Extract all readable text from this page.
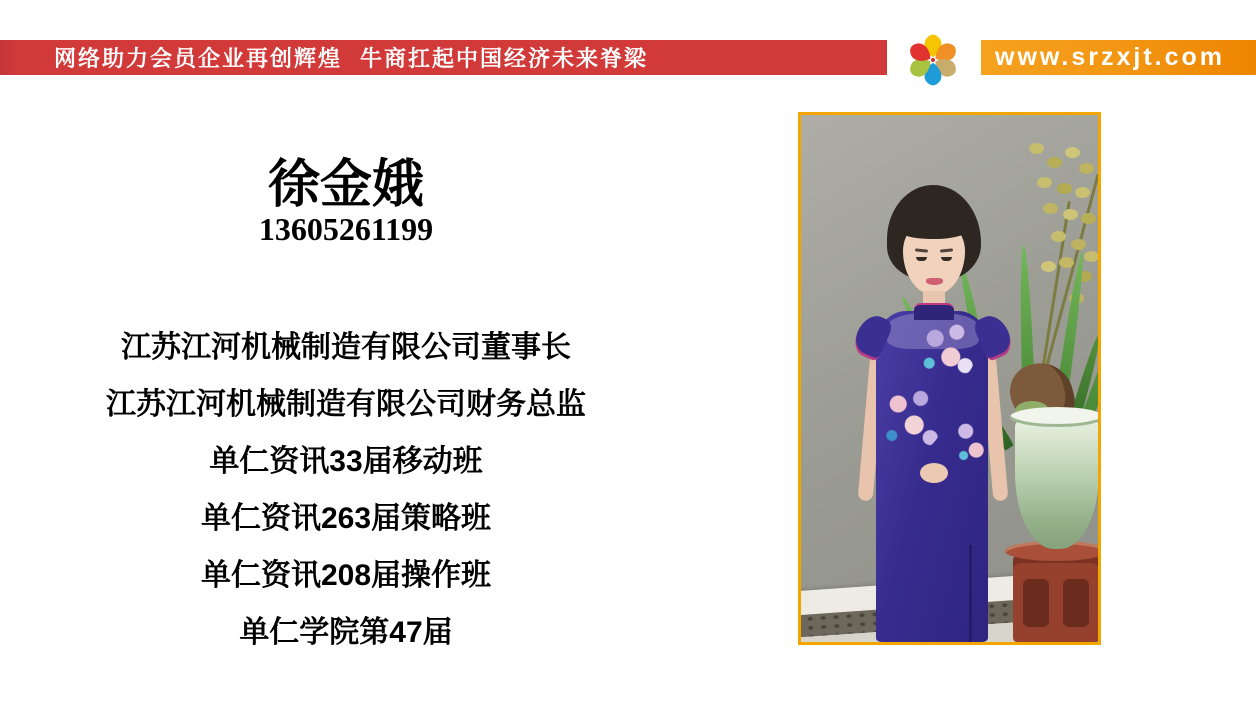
网络助力会员企业再创辉煌 牛商扛起中国经济未来脊梁	www.srzxjt.com
徐金娥
13605261199
江苏江河机械制造有限公司董事长
江苏江河机械制造有限公司财务总监
单仁资讯33届移动班
单仁资讯263届策略班
单仁资讯208届操作班
单仁学院第47届
